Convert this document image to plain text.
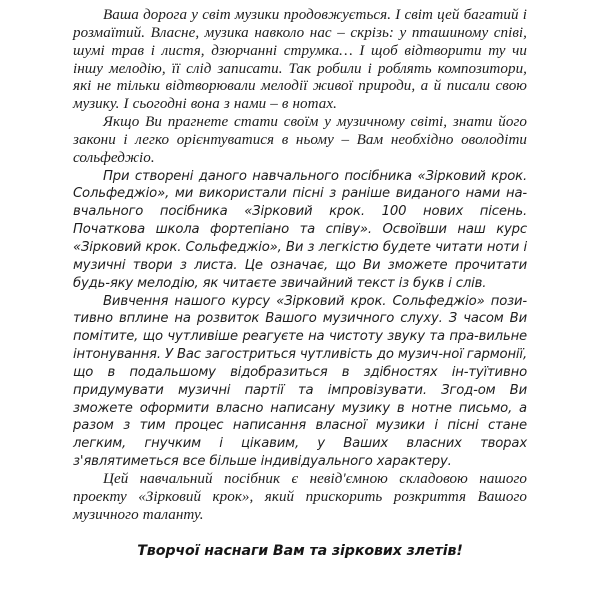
Ваша дорога у світ музики продовжується. І світ цей багатий і розмаїтий. Власне, музика навколо нас – скрізь: у пташиному співі, шумі трав і листя, дзюрчанні струмка… І щоб відтворити ту чи іншу мелодію, її слід записати. Так робили і роблять композитори, які не тільки відтворювали мелодії живої природи, а й писали свою музику. І сьогодні вона з нами – в нотах.

Якщо Ви прагнете стати своїм у музичному світі, знати його закони і легко орієнтуватися в ньому – Вам необхідно оволодіти сольфеджіо.

При створені даного навчального посібника «Зірковий крок. Сольфеджіо», ми використали пісні з раніше виданого нами на-вчального посібника «Зірковий крок. 100 нових пісень. Початкова школа фортепіано та співу». Освоївши наш курс «Зірковий крок. Сольфеджіо», Ви з легкістю будете читати ноти і музичні твори з листа. Це означає, що Ви зможете прочитати будь-яку мелодію, як читаєте звичайний текст із букв і слів.

Вивчення нашого курсу «Зірковий крок. Сольфеджіо» пози-тивно вплине на розвиток Вашого музичного слуху. З часом Ви помітите, що чутливіше реагуєте на чистоту звуку та пра-вильне інтонування. У Вас загостриться чутливість до музич-ної гармонії, що в подальшому відобразиться в здібностях ін-туїтивно придумувати музичні партії та імпровізувати. Згод-ом Ви зможете оформити власно написану музику в нотне письмо, а разом з тим процес написання власної музики і пісні стане легким, гнучким і цікавим, у Ваших власних творах з'являтиметься все більше індивідуального характеру.

Цей навчальний посібник є невід'ємною складовою нашого проекту «Зірковий крок», який прискорить розкриття Вашого музичного таланту.

Творчої наснаги Вам та зіркових злетів!
